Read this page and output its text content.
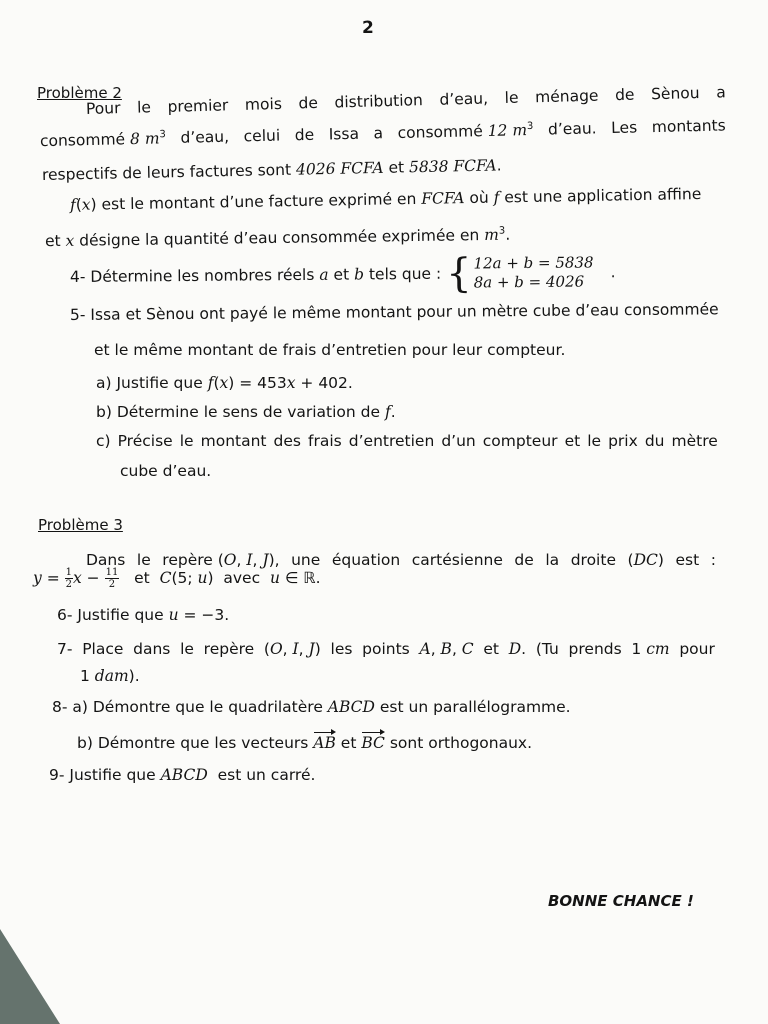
2
Problème 2
Pour le premier mois de distribution d’eau, le ménage de Sènou a
consommé 8 $m^3$ d’eau, celui de Issa a consommé 12 $m^3$ d’eau. Les montants
respectifs de leurs factures sont 4026 FCFA et 5838 FCFA.
f(x) est le montant d’une facture exprimé en FCFA où f est une application affine
et x désigne la quantité d’eau consommée exprimée en $m^3$.
4- Détermine les nombres réels a et b tels que : { 12a + b = 5838
8a + b = 4026
.
5- Issa et Sènou ont payé le même montant pour un mètre cube d’eau consommée
et le même montant de frais d’entretien pour leur compteur.
a) Justifie que f(x) = 453x + 402.
b) Détermine le sens de variation de f.
c) Précise le montant des frais d’entretien d’un compteur et le prix du mètre
cube d’eau.
Problème 3
Dans le repère (O, I, J), une équation cartésienne de la droite (DC) est :
$y = \frac{1}{2}$ $x - \frac{11}{2}$ et  C(5; u)  avec  u ∈ ℝ.
6- Justifie que u = −3.
7- Place dans le repère (O, I, J) les points A, B, C et D. (Tu prends 1 cm pour
1 dam).
8- a) Démontre que le quadrilatère ABCD est un parallélogramme.
b) Démontre que les vecteurs AB et BC sont orthogonaux.
9- Justifie que ABCD  est un carré.
BONNE CHANCE !
